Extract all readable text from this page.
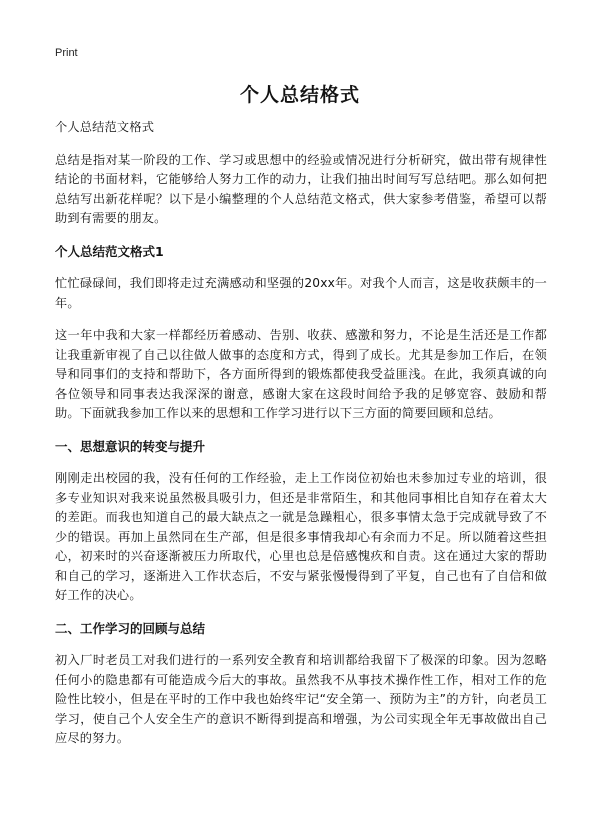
Print
个人总结格式

个人总结范文格式

总结是指对某一阶段的工作、学习或思想中的经验或情况进行分析研究，做出带有规律性结论的书面材料，它能够给人努力工作的动力，让我们抽出时间写写总结吧。那么如何把总结写出新花样呢？以下是小编整理的个人总结范文格式，供大家参考借鉴，希望可以帮助到有需要的朋友。

个人总结范文格式1

忙忙碌碌间，我们即将走过充满感动和坚强的20xx年。对我个人而言，这是收获颇丰的一年。

这一年中我和大家一样都经历着感动、告别、收获、感激和努力，不论是生活还是工作都让我重新审视了自己以往做人做事的态度和方式，得到了成长。尤其是参加工作后，在领导和同事们的支持和帮助下，各方面所得到的锻炼都使我受益匪浅。在此，我须真诚的向各位领导和同事表达我深深的谢意，感谢大家在这段时间给予我的足够宽容、鼓励和帮助。下面就我参加工作以来的思想和工作学习进行以下三方面的简要回顾和总结。

一、思想意识的转变与提升

刚刚走出校园的我，没有任何的工作经验，走上工作岗位初始也未参加过专业的培训，很多专业知识对我来说虽然极具吸引力，但还是非常陌生，和其他同事相比自知存在着太大的差距。而我也知道自己的最大缺点之一就是急躁粗心，很多事情太急于完成就导致了不少的错误。再加上虽然同在生产部，但是很多事情我却心有余而力不足。所以随着这些担心，初来时的兴奋逐渐被压力所取代，心里也总是倍感愧疚和自责。这在通过大家的帮助和自己的学习，逐渐进入工作状态后，不安与紧张慢慢得到了平复，自己也有了自信和做好工作的决心。

二、工作学习的回顾与总结

初入厂时老员工对我们进行的一系列安全教育和培训都给我留下了极深的印象。因为忽略任何小的隐患都有可能造成今后大的事故。虽然我不从事技术操作性工作，相对工作的危险性比较小，但是在平时的工作中我也始终牢记“安全第一、预防为主”的方针，向老员工学习，使自己个人安全生产的意识不断得到提高和增强，为公司实现全年无事故做出自己应尽的努力。
